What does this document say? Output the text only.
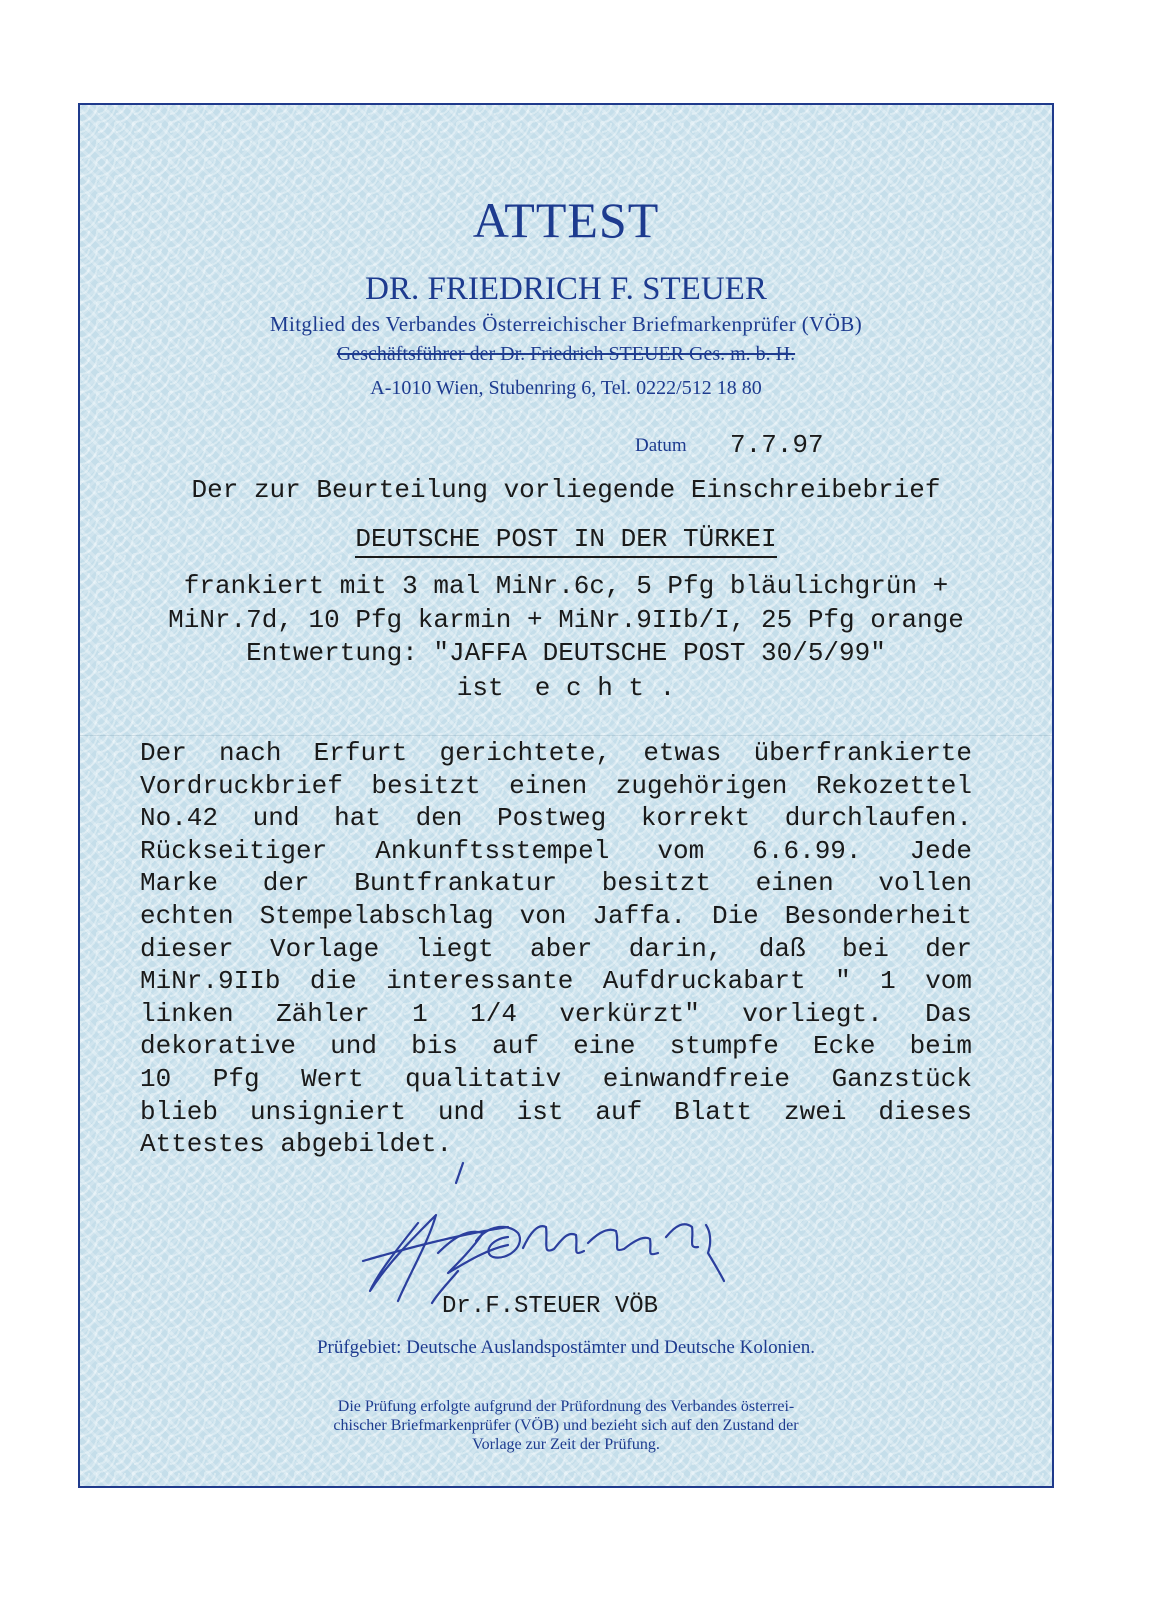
ATTEST
DR. FRIEDRICH F. STEUER
Mitglied des Verbandes Österreichischer Briefmarkenprüfer (VÖB)
Geschäftsführer der Dr. Friedrich STEUER Ges. m. b. H.
A-1010 Wien, Stubenring 6, Tel. 0222/512 18 80
Datum 7.7.97
Der zur Beurteilung vorliegende Einschreibebrief
DEUTSCHE POST IN DER TÜRKEI
frankiert mit 3 mal MiNr.6c, 5 Pfg bläulichgrün +
MiNr.7d, 10 Pfg karmin + MiNr.9IIb/I, 25 Pfg orange
Entwertung: "JAFFA DEUTSCHE POST 30/5/99"
ist  e c h t .
Der nach Erfurt gerichtete, etwas überfrankierte
Vordruckbrief besitzt einen zugehörigen Rekozettel
No.42 und hat den Postweg korrekt durchlaufen.
Rückseitiger Ankunftsstempel vom 6.6.99. Jede
Marke der Buntfrankatur besitzt einen vollen
echten Stempelabschlag von Jaffa. Die Besonderheit
dieser Vorlage liegt aber darin, daß bei der
MiNr.9IIb die interessante Aufdruckabart " 1 vom
linken Zähler 1 1/4 verkürzt" vorliegt. Das
dekorative und bis auf eine stumpfe Ecke beim
10 Pfg Wert qualitativ einwandfreie Ganzstück
blieb unsigniert und ist auf Blatt zwei dieses
Attestes abgebildet.
Dr.F.STEUER VÖB
Prüfgebiet: Deutsche Auslandspostämter und Deutsche Kolonien.
Die Prüfung erfolgte aufgrund der Prüfordnung des Verbandes österrei-
chischer Briefmarkenprüfer (VÖB) und bezieht sich auf den Zustand der
Vorlage zur Zeit der Prüfung.
